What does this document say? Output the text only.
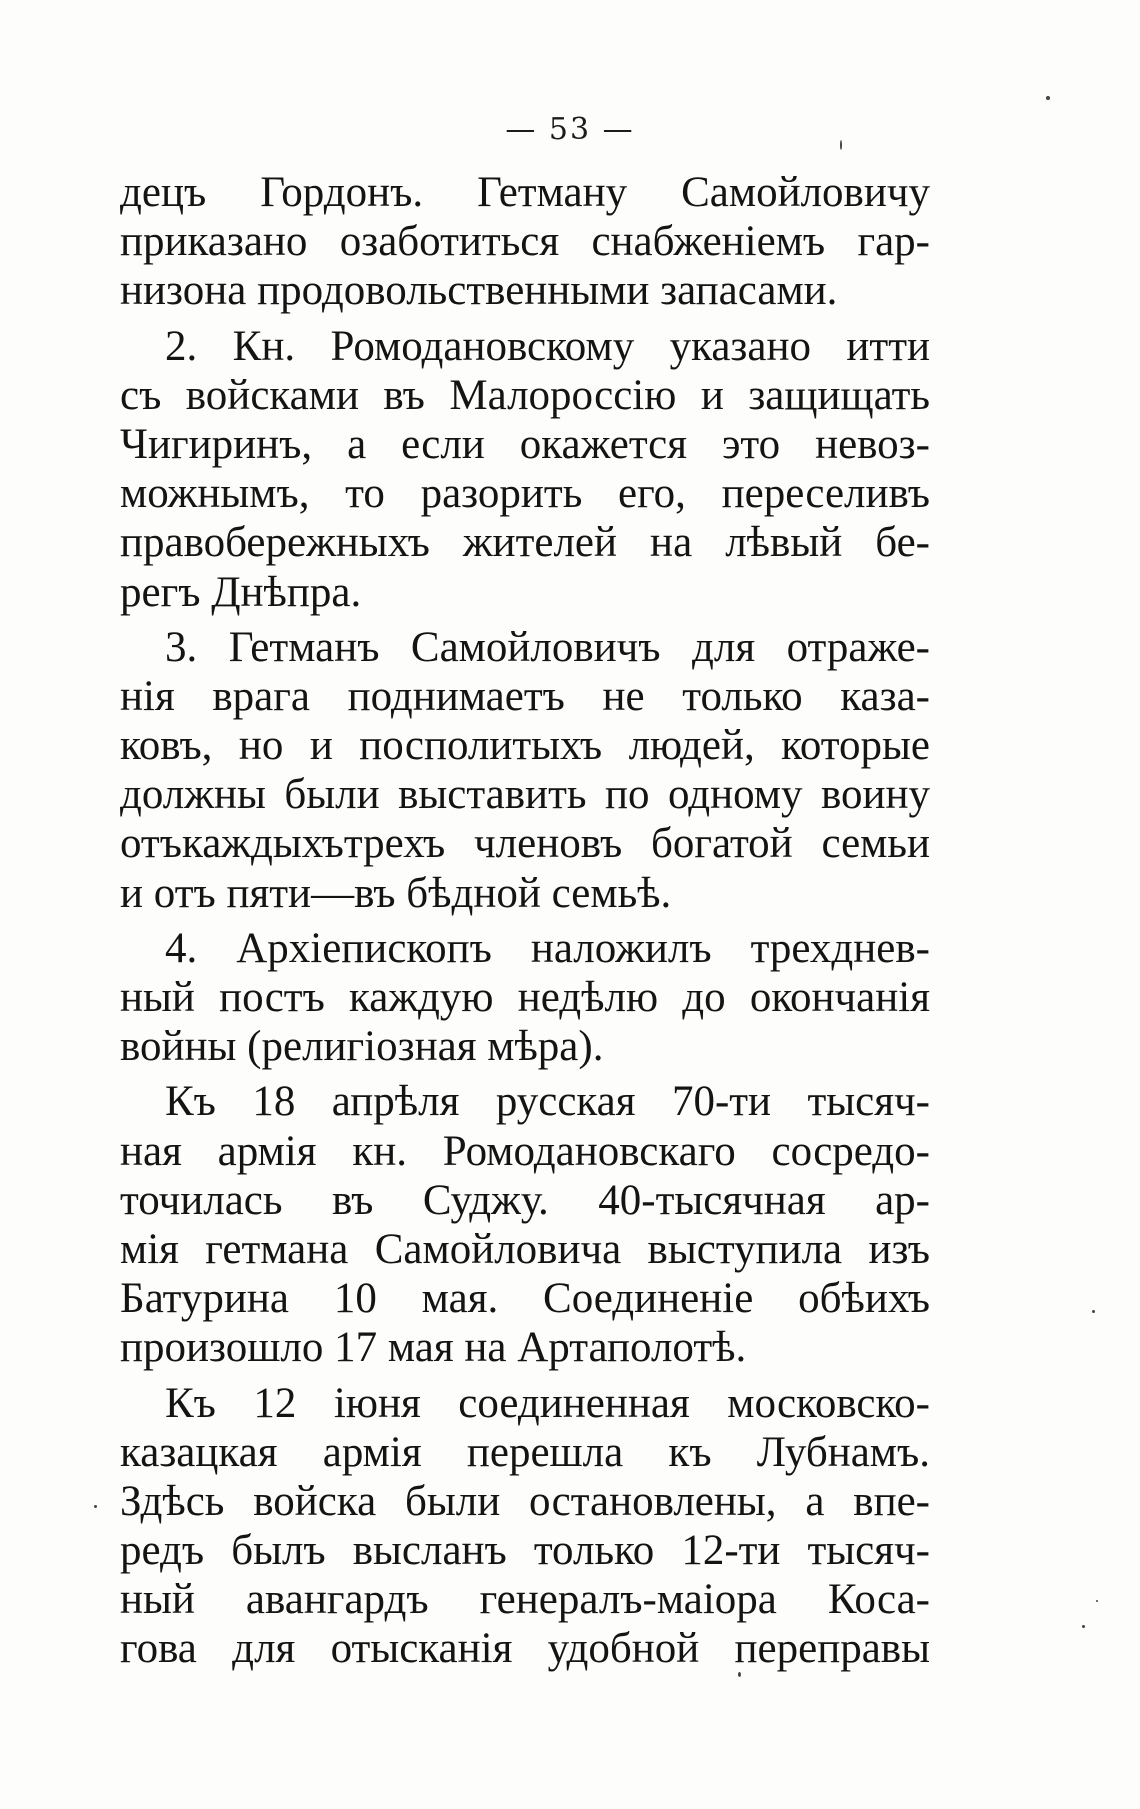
— 53 —
децъ Гордонъ. Гетману Самойловичу
приказано озаботиться снабженіемъ гар-
низона продовольственными запасами.
2. Кн. Ромодановскому указано итти
съ войсками въ Малороссію и защищать
Чигиринъ, а если окажется это невоз-
можнымъ, то разорить его, переселивъ
правобережныхъ жителей на лѣвый бе-
регъ Днѣпра.
3. Гетманъ Самойловичъ для отраже-
нія врага поднимаетъ не только каза-
ковъ, но и посполитыхъ людей, которые
должны были выставить по одному воину
отъкаждыхътрехъ членовъ богатой семьи
и отъ пяти—въ бѣдной семьѣ.
4. Архіепископъ наложилъ трехднев-
ный постъ каждую недѣлю до окончанія
войны (религіозная мѣра).
Къ 18 апрѣля русская 70-ти тысяч-
ная армія кн. Ромодановскаго сосредо-
точилась въ Суджу. 40-тысячная ар-
мія гетмана Самойловича выступила изъ
Батурина 10 мая. Соединеніе обѣихъ
произошло 17 мая на Артаполотѣ.
Къ 12 іюня соединенная московско-
казацкая армія перешла къ Лубнамъ.
Здѣсь войска были остановлены, а впе-
редъ былъ высланъ только 12-ти тысяч-
ный авангардъ генералъ-маіора Коса-
гова для отысканія удобной переправы
